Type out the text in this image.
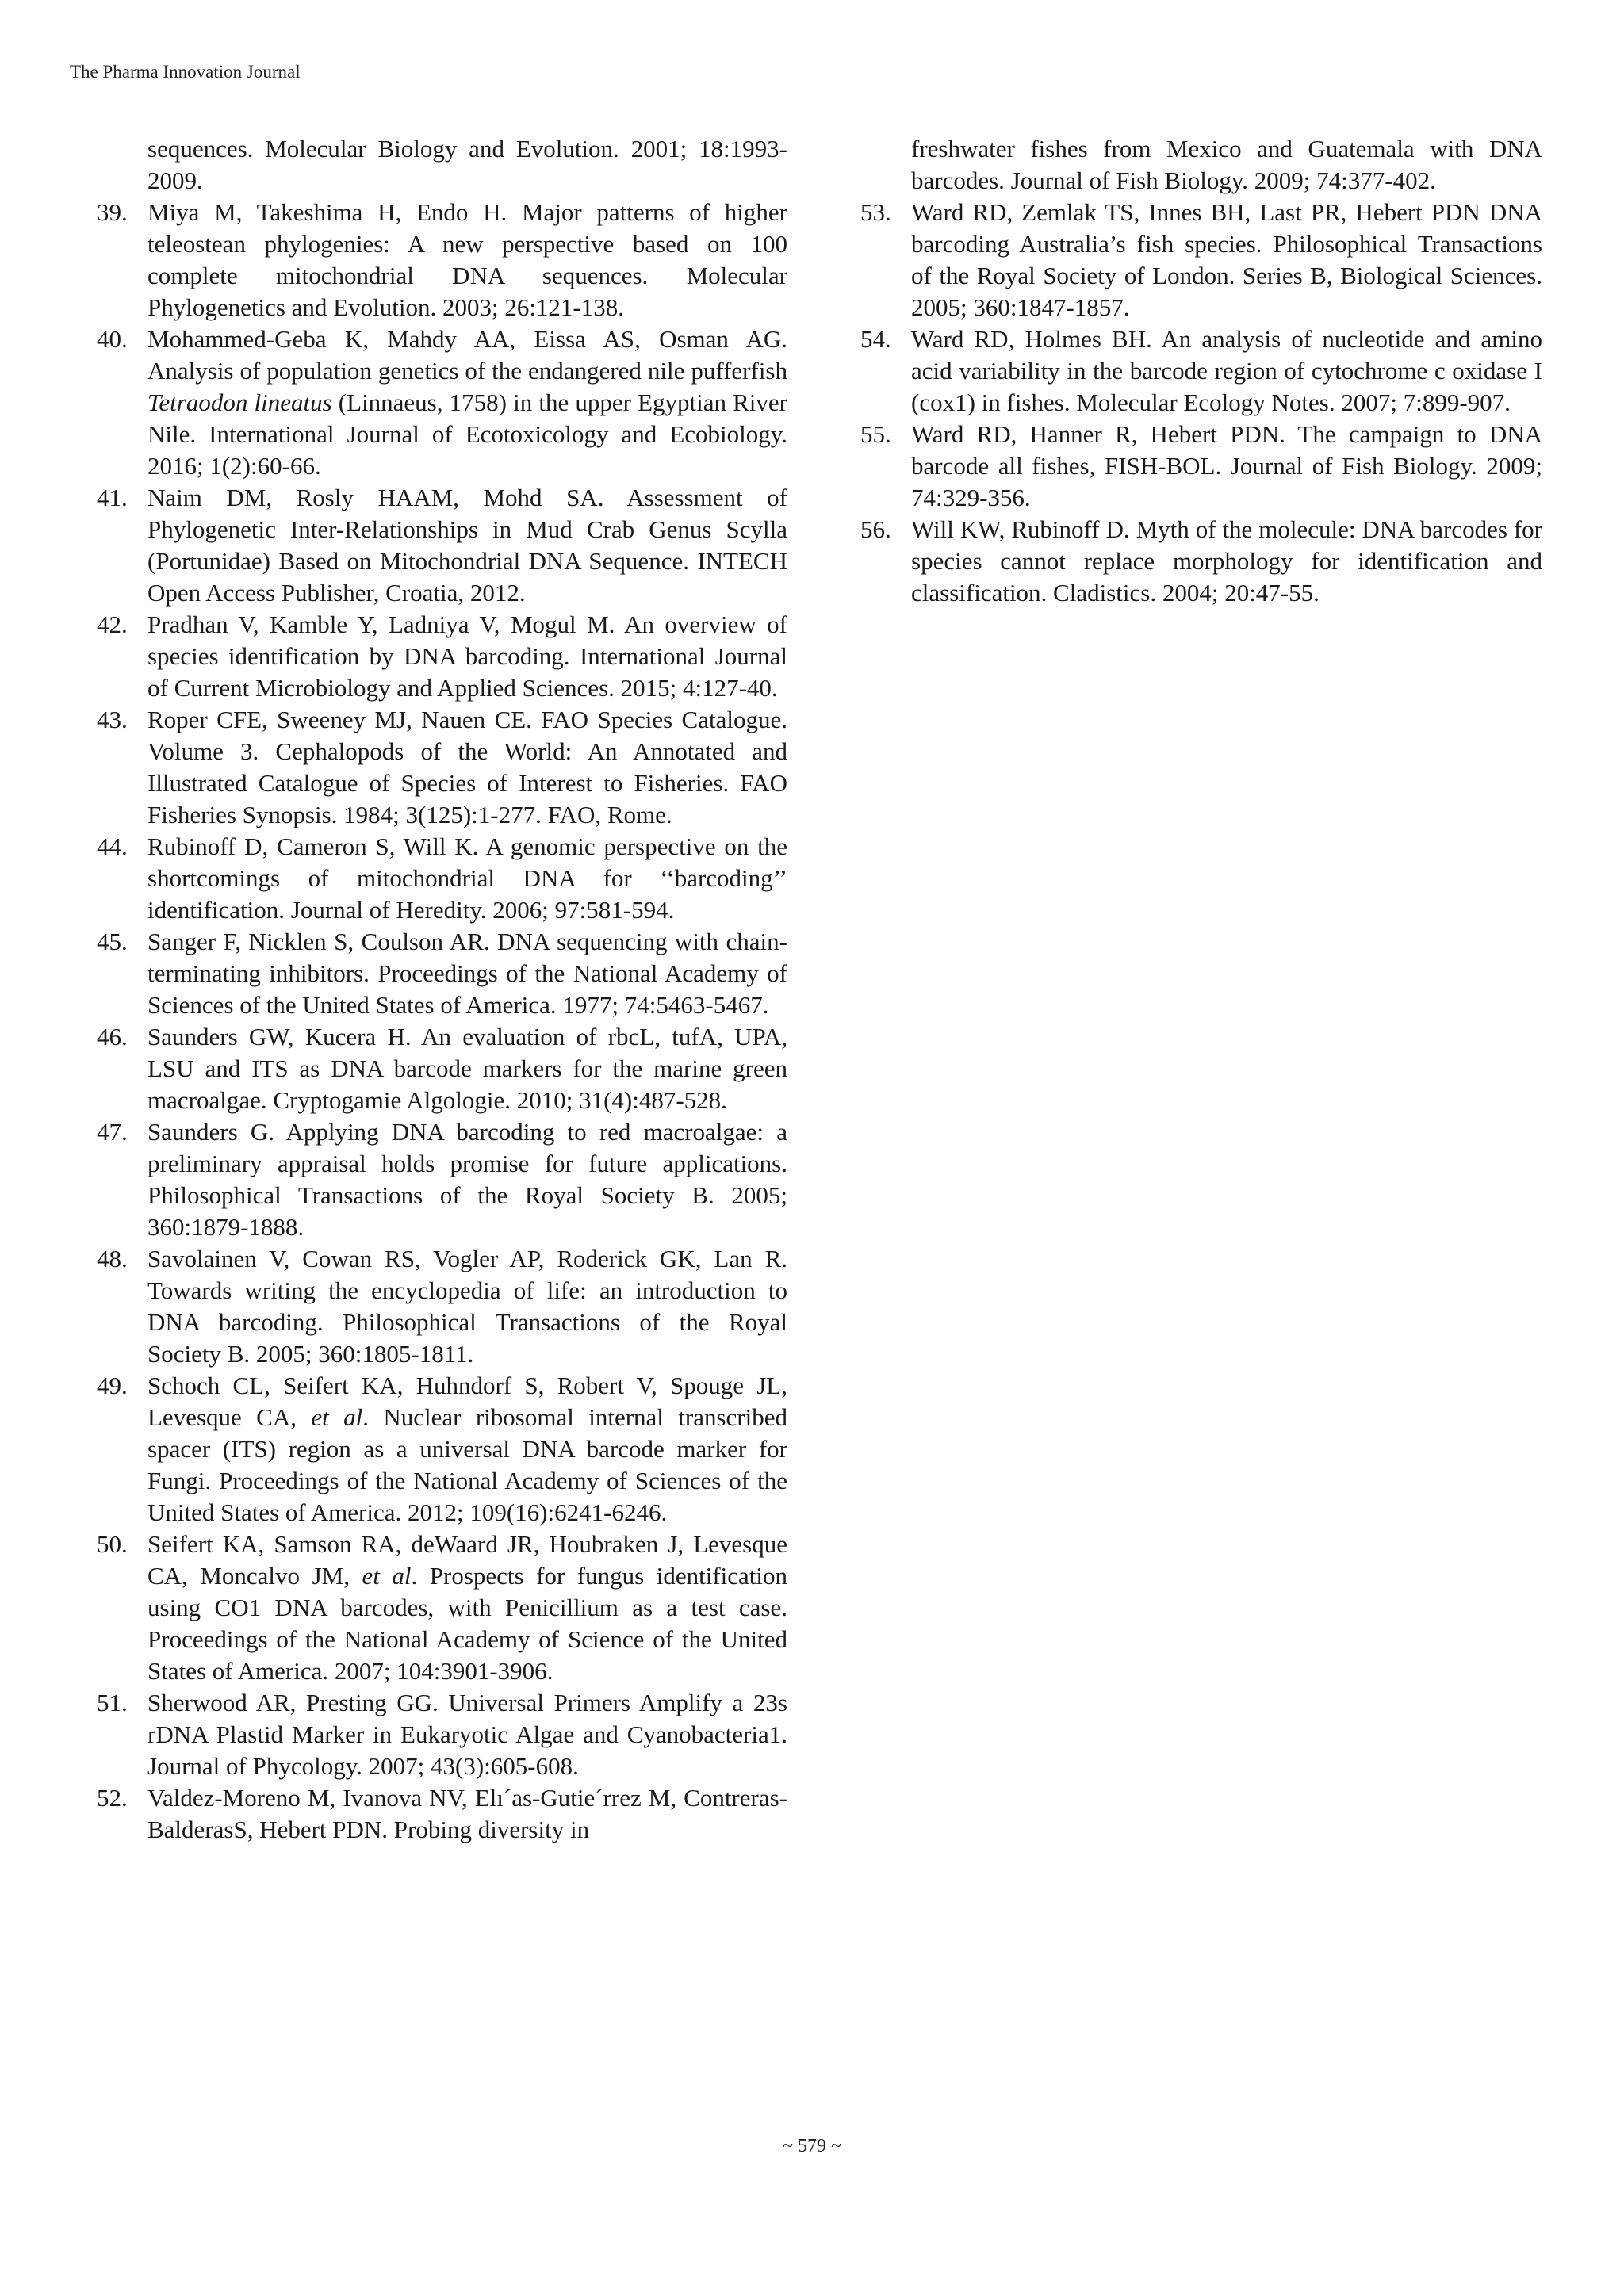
The Pharma Innovation Journal
sequences. Molecular Biology and Evolution. 2001; 18:1993-2009.
39. Miya M, Takeshima H, Endo H. Major patterns of higher teleostean phylogenies: A new perspective based on 100 complete mitochondrial DNA sequences. Molecular Phylogenetics and Evolution. 2003; 26:121-138.
40. Mohammed-Geba K, Mahdy AA, Eissa AS, Osman AG. Analysis of population genetics of the endangered nile pufferfish Tetraodon lineatus (Linnaeus, 1758) in the upper Egyptian River Nile. International Journal of Ecotoxicology and Ecobiology. 2016; 1(2):60-66.
41. Naim DM, Rosly HAAM, Mohd SA. Assessment of Phylogenetic Inter-Relationships in Mud Crab Genus Scylla (Portunidae) Based on Mitochondrial DNA Sequence. INTECH Open Access Publisher, Croatia, 2012.
42. Pradhan V, Kamble Y, Ladniya V, Mogul M. An overview of species identification by DNA barcoding. International Journal of Current Microbiology and Applied Sciences. 2015; 4:127-40.
43. Roper CFE, Sweeney MJ, Nauen CE. FAO Species Catalogue. Volume 3. Cephalopods of the World: An Annotated and Illustrated Catalogue of Species of Interest to Fisheries. FAO Fisheries Synopsis. 1984; 3(125):1-277. FAO, Rome.
44. Rubinoff D, Cameron S, Will K. A genomic perspective on the shortcomings of mitochondrial DNA for ‘‘barcoding’’ identification. Journal of Heredity. 2006; 97:581-594.
45. Sanger F, Nicklen S, Coulson AR. DNA sequencing with chain-terminating inhibitors. Proceedings of the National Academy of Sciences of the United States of America. 1977; 74:5463-5467.
46. Saunders GW, Kucera H. An evaluation of rbcL, tufA, UPA, LSU and ITS as DNA barcode markers for the marine green macroalgae. Cryptogamie Algologie. 2010; 31(4):487-528.
47. Saunders G. Applying DNA barcoding to red macroalgae: a preliminary appraisal holds promise for future applications. Philosophical Transactions of the Royal Society B. 2005; 360:1879-1888.
48. Savolainen V, Cowan RS, Vogler AP, Roderick GK, Lan R. Towards writing the encyclopedia of life: an introduction to DNA barcoding. Philosophical Transactions of the Royal Society B. 2005; 360:1805-1811.
49. Schoch CL, Seifert KA, Huhndorf S, Robert V, Spouge JL, Levesque CA, et al. Nuclear ribosomal internal transcribed spacer (ITS) region as a universal DNA barcode marker for Fungi. Proceedings of the National Academy of Sciences of the United States of America. 2012; 109(16):6241-6246.
50. Seifert KA, Samson RA, deWaard JR, Houbraken J, Levesque CA, Moncalvo JM, et al. Prospects for fungus identification using CO1 DNA barcodes, with Penicillium as a test case. Proceedings of the National Academy of Science of the United States of America. 2007; 104:3901-3906.
51. Sherwood AR, Presting GG. Universal Primers Amplify a 23s rDNA Plastid Marker in Eukaryotic Algae and Cyanobacteria1. Journal of Phycology. 2007; 43(3):605-608.
52. Valdez-Moreno M, Ivanova NV, Elı´as-Gutie´rrez M, Contreras- BalderasS, Hebert PDN. Probing diversity in
freshwater fishes from Mexico and Guatemala with DNA barcodes. Journal of Fish Biology. 2009; 74:377-402.
53. Ward RD, Zemlak TS, Innes BH, Last PR, Hebert PDN DNA barcoding Australia’s fish species. Philosophical Transactions of the Royal Society of London. Series B, Biological Sciences. 2005; 360:1847-1857.
54. Ward RD, Holmes BH. An analysis of nucleotide and amino acid variability in the barcode region of cytochrome c oxidase I (cox1) in fishes. Molecular Ecology Notes. 2007; 7:899-907.
55. Ward RD, Hanner R, Hebert PDN. The campaign to DNA barcode all fishes, FISH-BOL. Journal of Fish Biology. 2009; 74:329-356.
56. Will KW, Rubinoff D. Myth of the molecule: DNA barcodes for species cannot replace morphology for identification and classification. Cladistics. 2004; 20:47-55.
~ 579 ~
